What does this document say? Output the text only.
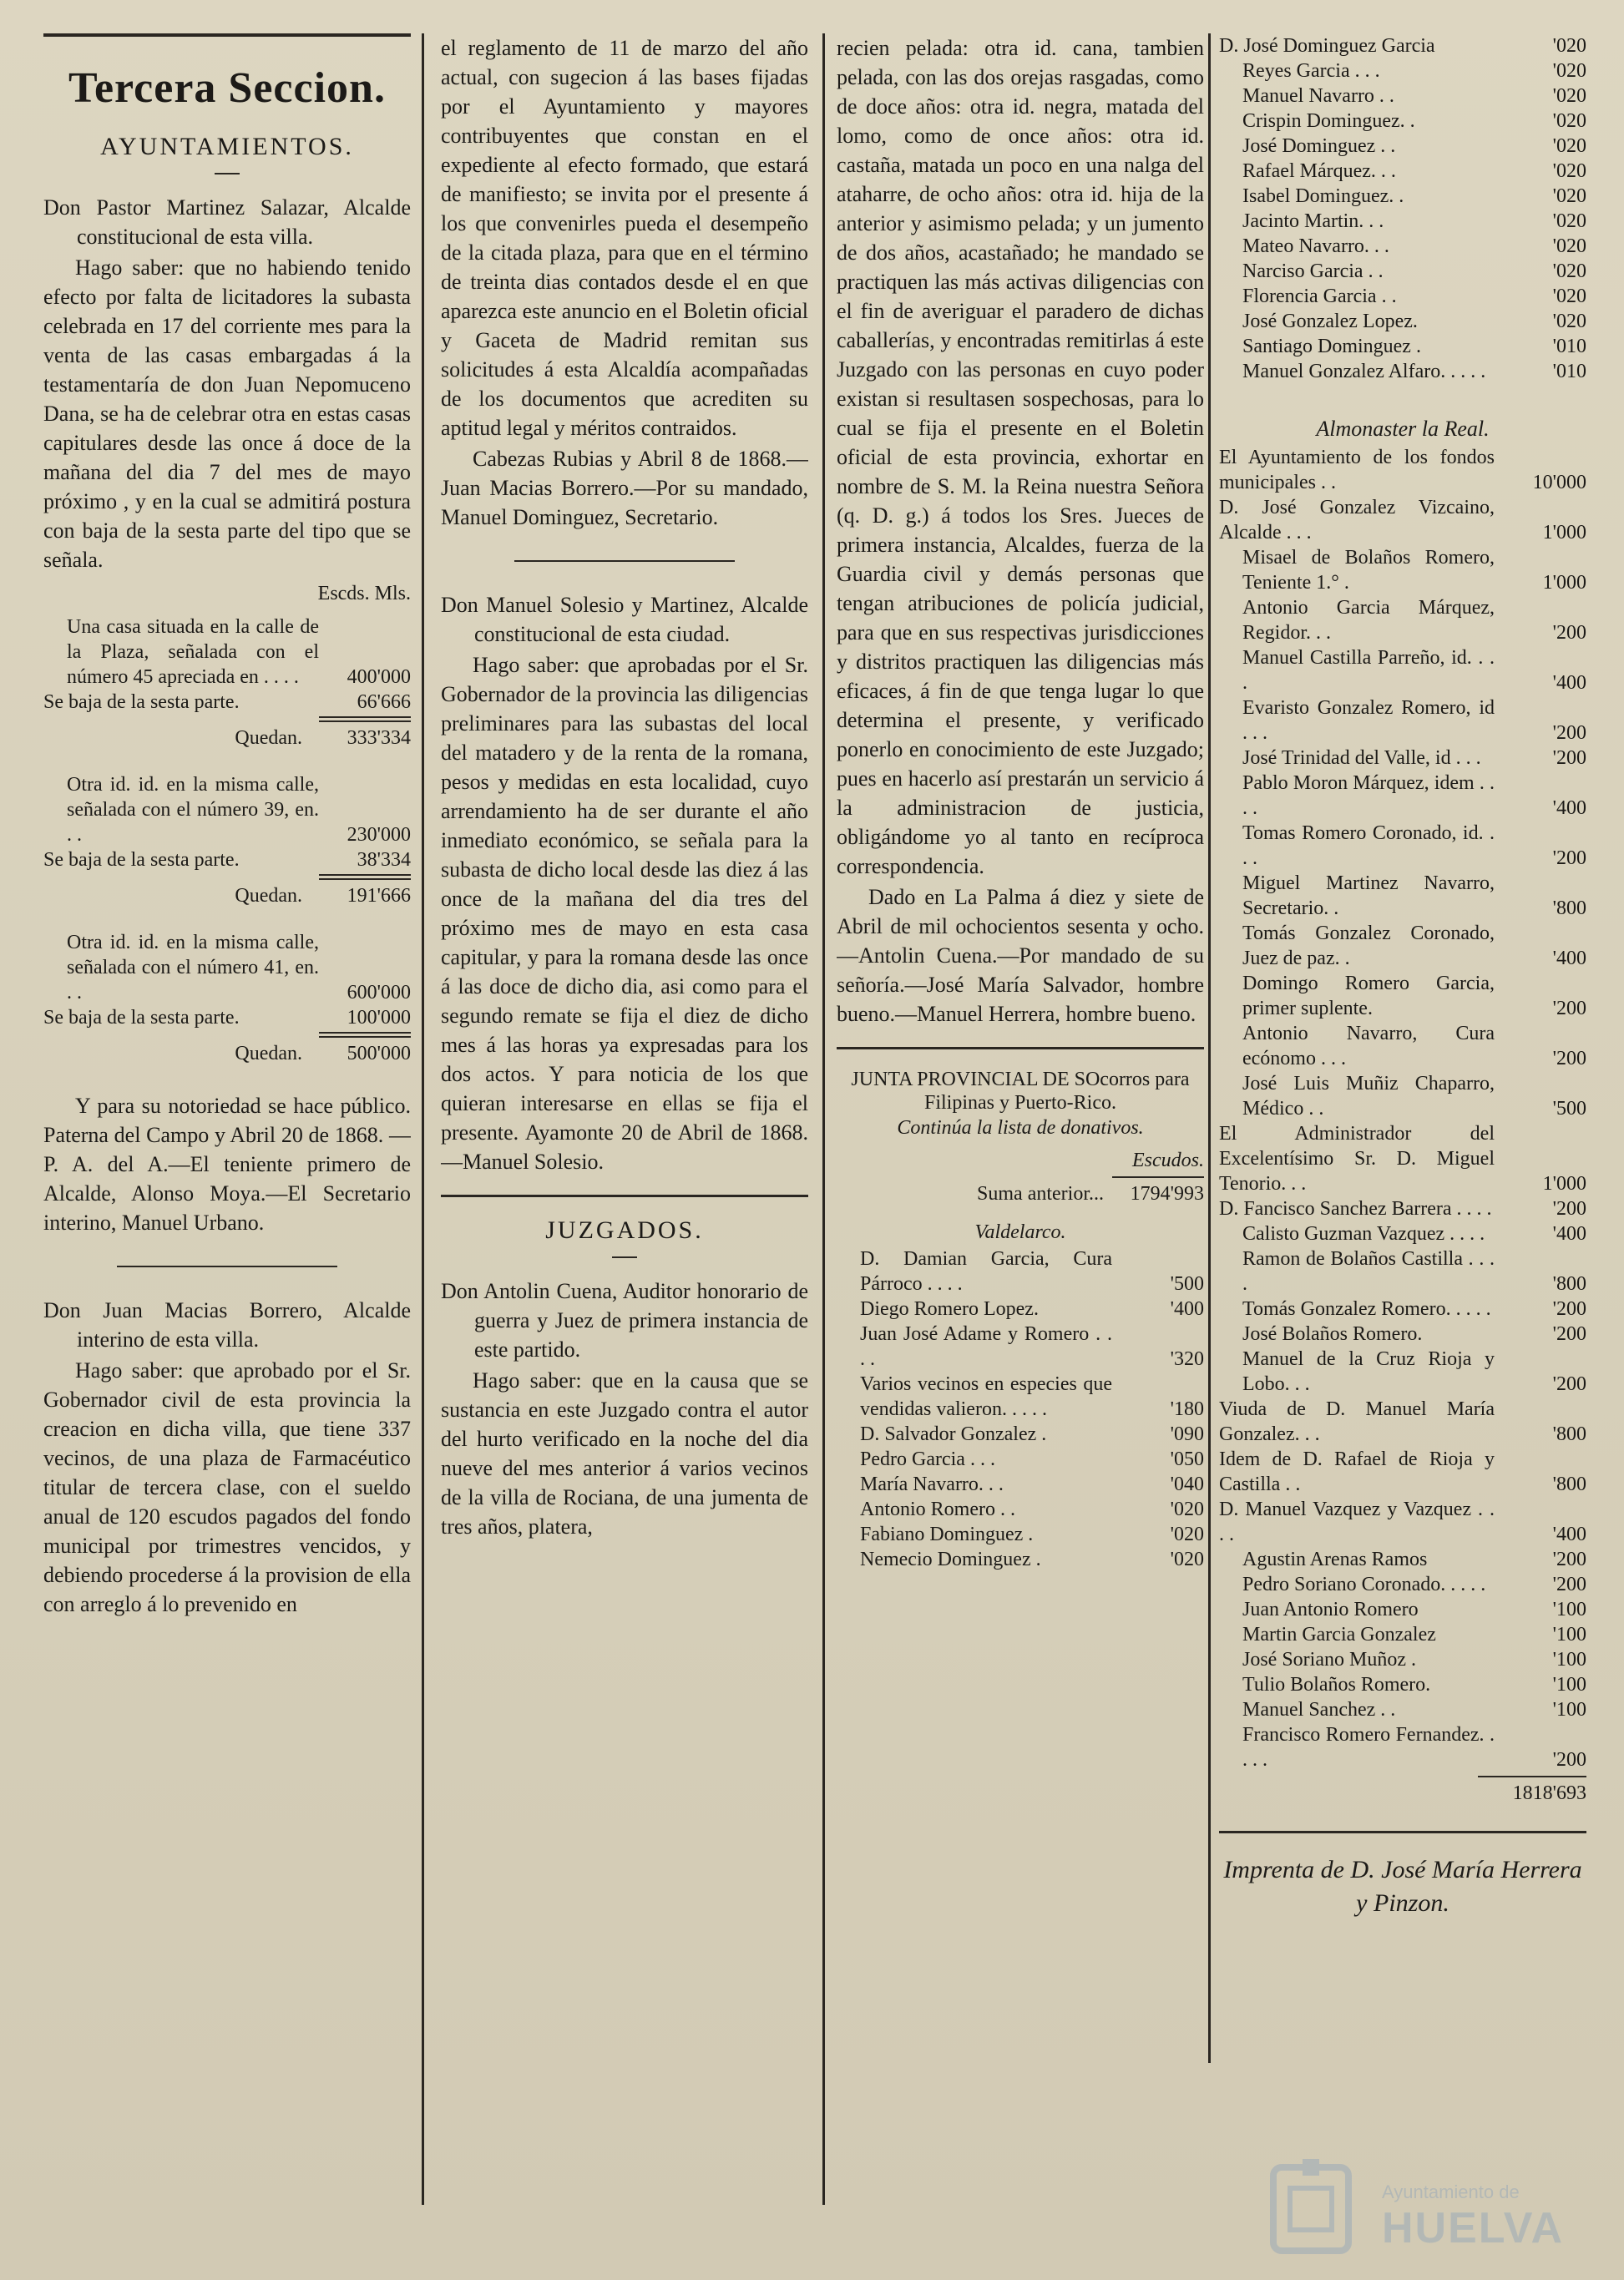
Tercera Seccion.
AYUNTAMIENTOS.

Don Pastor Martinez Salazar, Alcalde constitucional de esta villa.

Hago saber: que no habiendo tenido efecto por falta de licitadores la subasta celebrada en 17 del corriente mes para la venta de las casas embargadas á la testamentaría de don Juan Nepomuceno Dana, se ha de celebrar otra en estas casas capitulares desde las once á doce de la mañana del dia 7 del mes de mayo próximo , y en la cual se admitirá postura con baja de la sesta parte del tipo que se señala.

Escds. Mls.

Una casa situada en la calle de la Plaza, señalada con el número 45 apreciada en . . . .	400'000
Se baja de la sesta parte.	66'666

Quedan.	333'334
Otra id. id. en la misma calle, señalada con el número 39, en. . .	230'000
Se baja de la sesta parte.	38'334

Quedan.	191'666
Otra id. id. en la misma calle, señalada con el número 41, en. . .	600'000
Se baja de la sesta parte.	100'000

Quedan.	500'000

Y para su notoriedad se hace público. Paterna del Campo y Abril 20 de 1868. —P. A. del A.—El teniente primero de Alcalde, Alonso Moya.—El Secretario interino, Manuel Urbano.

Don Juan Macias Borrero, Alcalde interino de esta villa.

Hago saber: que aprobado por el Sr. Gobernador civil de esta provincia la creacion en dicha villa, que tiene 337 vecinos, de una plaza de Farmacéutico titular de tercera clase, con el sueldo anual de 120 escudos pagados del fondo municipal por trimestres vencidos, y debiendo procederse á la provision de ella con arreglo á lo prevenido en

el reglamento de 11 de marzo del año actual, con sugecion á las bases fijadas por el Ayuntamiento y mayores contribuyentes que constan en el expediente al efecto formado, que estará de manifiesto; se invita por el presente á los que convenirles pueda el desempeño de la citada plaza, para que en el término de treinta dias contados desde el en que aparezca este anuncio en el Boletin oficial y Gaceta de Madrid remitan sus solicitudes á esta Alcaldía acompañadas de los documentos que acrediten su aptitud legal y méritos contraidos.

Cabezas Rubias y Abril 8 de 1868.—Juan Macias Borrero.—Por su mandado, Manuel Dominguez, Secretario.

Don Manuel Solesio y Martinez, Alcalde constitucional de esta ciudad.

Hago saber: que aprobadas por el Sr. Gobernador de la provincia las diligencias preliminares para las subastas del local del matadero y de la renta de la romana, pesos y medidas en esta localidad, cuyo arrendamiento ha de ser durante el año inmediato económico, se señala para la subasta de dicho local desde las diez á las once de la mañana del dia tres del próximo mes de mayo en esta casa capitular, y para la romana desde las once á las doce de dicho dia, asi como para el segundo remate se fija el diez de dicho mes á las horas ya expresadas para los dos actos. Y para noticia de los que quieran interesarse en ellas se fija el presente. Ayamonte 20 de Abril de 1868. —Manuel Solesio.

JUZGADOS.

Don Antolin Cuena, Auditor honorario de guerra y Juez de primera instancia de este partido.

Hago saber: que en la causa que se sustancia en este Juzgado contra el autor del hurto verificado en la noche del dia nueve del mes anterior á varios vecinos de la villa de Rociana, de una jumenta de tres años, platera,

recien pelada: otra id. cana, tambien pelada, con las dos orejas rasgadas, como de doce años: otra id. negra, matada del lomo, como de once años: otra id. castaña, matada un poco en una nalga del ataharre, de ocho años: otra id. hija de la anterior y asimismo pelada; y un jumento de dos años, acastañado; he mandado se practiquen las más activas diligencias con el fin de averiguar el paradero de dichas caballerías, y encontradas remitirlas á este Juzgado con las personas en cuyo poder existan si resultasen sospechosas, para lo cual se fija el presente en el Boletin oficial de esta provincia, exhortar en nombre de S. M. la Reina nuestra Señora (q. D. g.) á todos los Sres. Jueces de primera instancia, Alcaldes, fuerza de la Guardia civil y demás personas que tengan atribuciones de policía judicial, para que en sus respectivas jurisdicciones y distritos practiquen las diligencias más eficaces, á fin de que tenga lugar lo que determina el presente, y verificado ponerlo en conocimiento de este Juzgado; pues en hacerlo así prestarán un servicio á la administracion de justicia, obligándome yo al tanto en recíproca correspondencia.

Dado en La Palma á diez y siete de Abril de mil ochocientos sesenta y ocho.—Antolin Cuena.—Por mandado de su señoría.—José María Salvador, hombre bueno.—Manuel Herrera, hombre bueno.

JUNTA PROVINCIAL DE SOcorros para Filipinas y Puerto-Rico.

Continúa la lista de donativos.

Escudos.

Suma anterior...	1794'993

Valdelarco.

D. Damian Garcia, Cura Párroco . . . .	'500
Diego Romero Lopez.	'400
Juan José Adame y Romero . . . .	'320
Varios vecinos en especies que vendidas valieron. . . . .	'180
D. Salvador Gonzalez .	'090
Pedro Garcia . . .	'050
María Navarro. . .	'040
Antonio Romero . .	'020
Fabiano Dominguez .	'020
Nemecio Dominguez .	'020
D. José Dominguez Garcia	'020
Reyes Garcia . . .	'020
Manuel Navarro . .	'020
Crispin Dominguez. .	'020
José Dominguez . .	'020
Rafael Márquez. . .	'020
Isabel Dominguez. .	'020
Jacinto Martin. . .	'020
Mateo Navarro. . .	'020
Narciso Garcia . .	'020
Florencia Garcia . .	'020
José Gonzalez Lopez.	'020
Santiago Dominguez .	'010
Manuel Gonzalez Alfaro. . . . .	'010

Almonaster la Real.

El Ayuntamiento de los fondos municipales . .	10'000
D. José Gonzalez Vizcaino, Alcalde . . .	1'000
Misael de Bolaños Romero, Teniente 1.° .	1'000
Antonio Garcia Márquez, Regidor. . .	'200
Manuel Castilla Parreño, id. . . .	'400
Evaristo Gonzalez Romero, id . . .	'200
José Trinidad del Valle, id . . .	'200
Pablo Moron Márquez, idem . . . .	'400
Tomas Romero Coronado, id. . . .	'200
Miguel Martinez Navarro, Secretario. .	'800
Tomás Gonzalez Coronado, Juez de paz. .	'400
Domingo Romero Garcia, primer suplente.	'200
Antonio Navarro, Cura ecónomo . . .	'200
José Luis Muñiz Chaparro, Médico . .	'500
El Administrador del Excelentísimo Sr. D. Miguel Tenorio. . .	1'000
D. Fancisco Sanchez Barrera . . . .	'200
Calisto Guzman Vazquez . . . .	'400
Ramon de Bolaños Castilla . . . .	'800
Tomás Gonzalez Romero. . . . .	'200
José Bolaños Romero.	'200
Manuel de la Cruz Rioja y Lobo. . .	'200
Viuda de D. Manuel María Gonzalez. . .	'800
Idem de D. Rafael de Rioja y Castilla . .	'800
D. Manuel Vazquez y Vazquez . . . .	'400
Agustin Arenas Ramos	'200
Pedro Soriano Coronado. . . . .	'200
Juan Antonio Romero	'100
Martin Garcia Gonzalez	'100
José Soriano Muñoz .	'100
Tulio Bolaños Romero.	'100
Manuel Sanchez . .	'100
Francisco Romero Fernandez. . . . .	'200

1818'693

Imprenta de D. José María Herrera y Pinzon.

Ayuntamiento de
HUELVA
